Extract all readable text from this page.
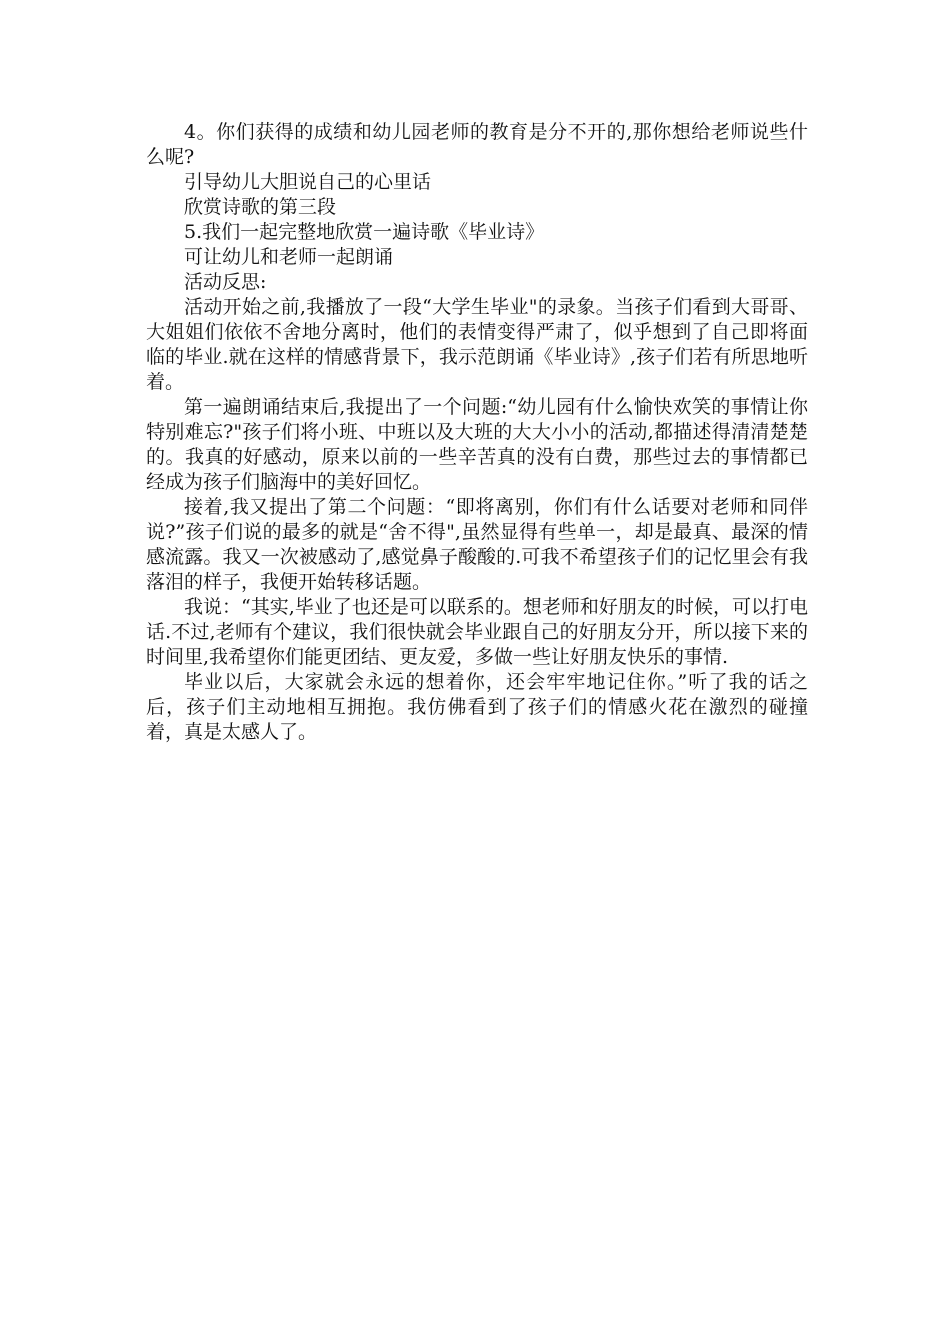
4。你们获得的成绩和幼儿园老师的教育是分不开的,那你想给老师说些什么呢?

引导幼儿大胆说自己的心里话

欣赏诗歌的第三段

5.我们一起完整地欣赏一遍诗歌《毕业诗》

可让幼儿和老师一起朗诵

活动反思:

活动开始之前,我播放了一段“大学生毕业"的录象。当孩子们看到大哥哥、大姐姐们依依不舍地分离时，他们的表情变得严肃了，似乎想到了自己即将面临的毕业.就在这样的情感背景下，我示范朗诵《毕业诗》,孩子们若有所思地听着。

第一遍朗诵结束后,我提出了一个问题:“幼儿园有什么愉快欢笑的事情让你特别难忘?"孩子们将小班、中班以及大班的大大小小的活动,都描述得清清楚楚的。我真的好感动，原来以前的一些辛苦真的没有白费，那些过去的事情都已经成为孩子们脑海中的美好回忆。

接着,我又提出了第二个问题：“即将离别，你们有什么话要对老师和同伴说?”孩子们说的最多的就是“舍不得",虽然显得有些单一，却是最真、最深的情感流露。我又一次被感动了,感觉鼻子酸酸的.可我不希望孩子们的记忆里会有我落泪的样子，我便开始转移话题。

我说：“其实,毕业了也还是可以联系的。想老师和好朋友的时候，可以打电话.不过,老师有个建议，我们很快就会毕业跟自己的好朋友分开，所以接下来的时间里,我希望你们能更团结、更友爱，多做一些让好朋友快乐的事情.

毕业以后，大家就会永远的想着你，还会牢牢地记住你。”听了我的话之后，孩子们主动地相互拥抱。我仿佛看到了孩子们的情感火花在激烈的碰撞着，真是太感人了。
